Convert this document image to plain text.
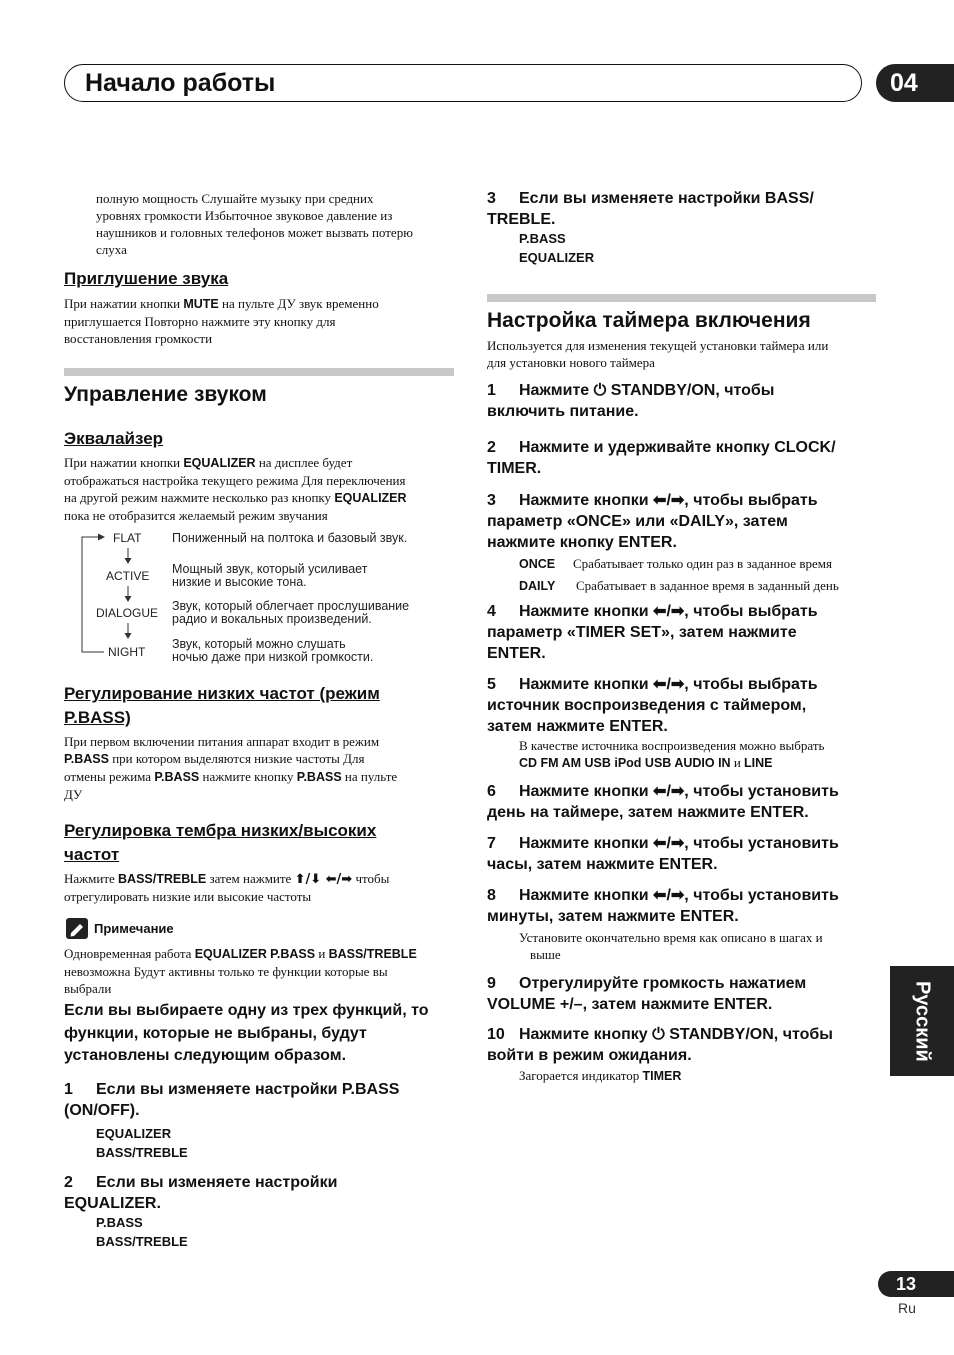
Начало работы	04
полную мощность Слушайте музыку при средних
уровнях громкости Избыточное звуковое давление из
наушников и головных телефонов может вызвать потерю
слуха
Приглушение звука
При нажатии кнопки MUTE на пульте ДУ звук временно
приглушается Повторно нажмите эту кнопку для
восстановления громкости
Управление звуком
Эквалайзер
При нажатии кнопки EQUALIZER на дисплее будет
отображаться настройка текущего режима Для переключения
на другой режим нажмите несколько раз кнопку EQUALIZER
пока не отобразится желаемый режим звучания
FLAT
ACTIVE
DIALOGUE
NIGHT
Пониженный на полтока и базовый звук.
Мощный звук, который усиливает
низкие и высокие тона.
Звук, который облегчает прослушивание
радио и вокальных произведений.
Звук, который можно слушать
ночью даже при низкой громкости.
Регулирование низких частот (режим
P.BASS)
При первом включении питания аппарат входит в режим
P.BASS при котором выделяются низкие частоты Для
отмены режима P.BASS нажмите кнопку P.BASS на пульте
ДУ
Регулировка тембра низких/высоких
частот
Нажмите BASS/TREBLE затем нажмите ⬆/⬇ ⬅/➡ чтобы
отрегулировать низкие или высокие частоты
Примечание
Одновременная работа EQUALIZER P.BASS и BASS/TREBLE
невозможна Будут активны только те функции которые вы
выбрали
Если вы выбираете одну из трех функций, то
функции, которые не выбраны, будут
установлены следующим образом.
1 Если вы изменяете настройки P.BASS
(ON/OFF).
EQUALIZER
BASS/TREBLE
2 Если вы изменяете настройки
EQUALIZER.
P.BASS
BASS/TREBLE
3 Если вы изменяете настройки BASS/
TREBLE.
P.BASS
EQUALIZER
Настройка таймера включения
Используется для изменения текущей установки таймера или
для установки нового таймера
1 Нажмите ⏻ STANDBY/ON, чтобы
включить питание.
2 Нажмите и удерживайте кнопку CLOCK/
TIMER.
3 Нажмите кнопки ⬅/➡, чтобы выбрать
параметр «ONCE» или «DAILY», затем
нажмите кнопку ENTER.
ONCE Срабатывает только один раз в заданное время
DAILY Срабатывает в заданное время в заданный день
4 Нажмите кнопки ⬅/➡, чтобы выбрать
параметр «TIMER SET», затем нажмите
ENTER.
5 Нажмите кнопки ⬅/➡, чтобы выбрать
источник воспроизведения с таймером,
затем нажмите ENTER.
В качестве источника воспроизведения можно выбрать
CD FM AM USB iPod USB AUDIO IN и LINE
6 Нажмите кнопки ⬅/➡, чтобы установить
день на таймере, затем нажмите ENTER.
7 Нажмите кнопки ⬅/➡, чтобы установить
часы, затем нажмите ENTER.
8 Нажмите кнопки ⬅/➡, чтобы установить
минуты, затем нажмите ENTER.
Установите окончательно время как описано в шагах и
выше
9 Отрегулируйте громкость нажатием
VOLUME +/–, затем нажмите ENTER.
10 Нажмите кнопку ⏻ STANDBY/ON, чтобы
войти в режим ожидания.
Загорается индикатор TIMER
Русский
13
Ru
